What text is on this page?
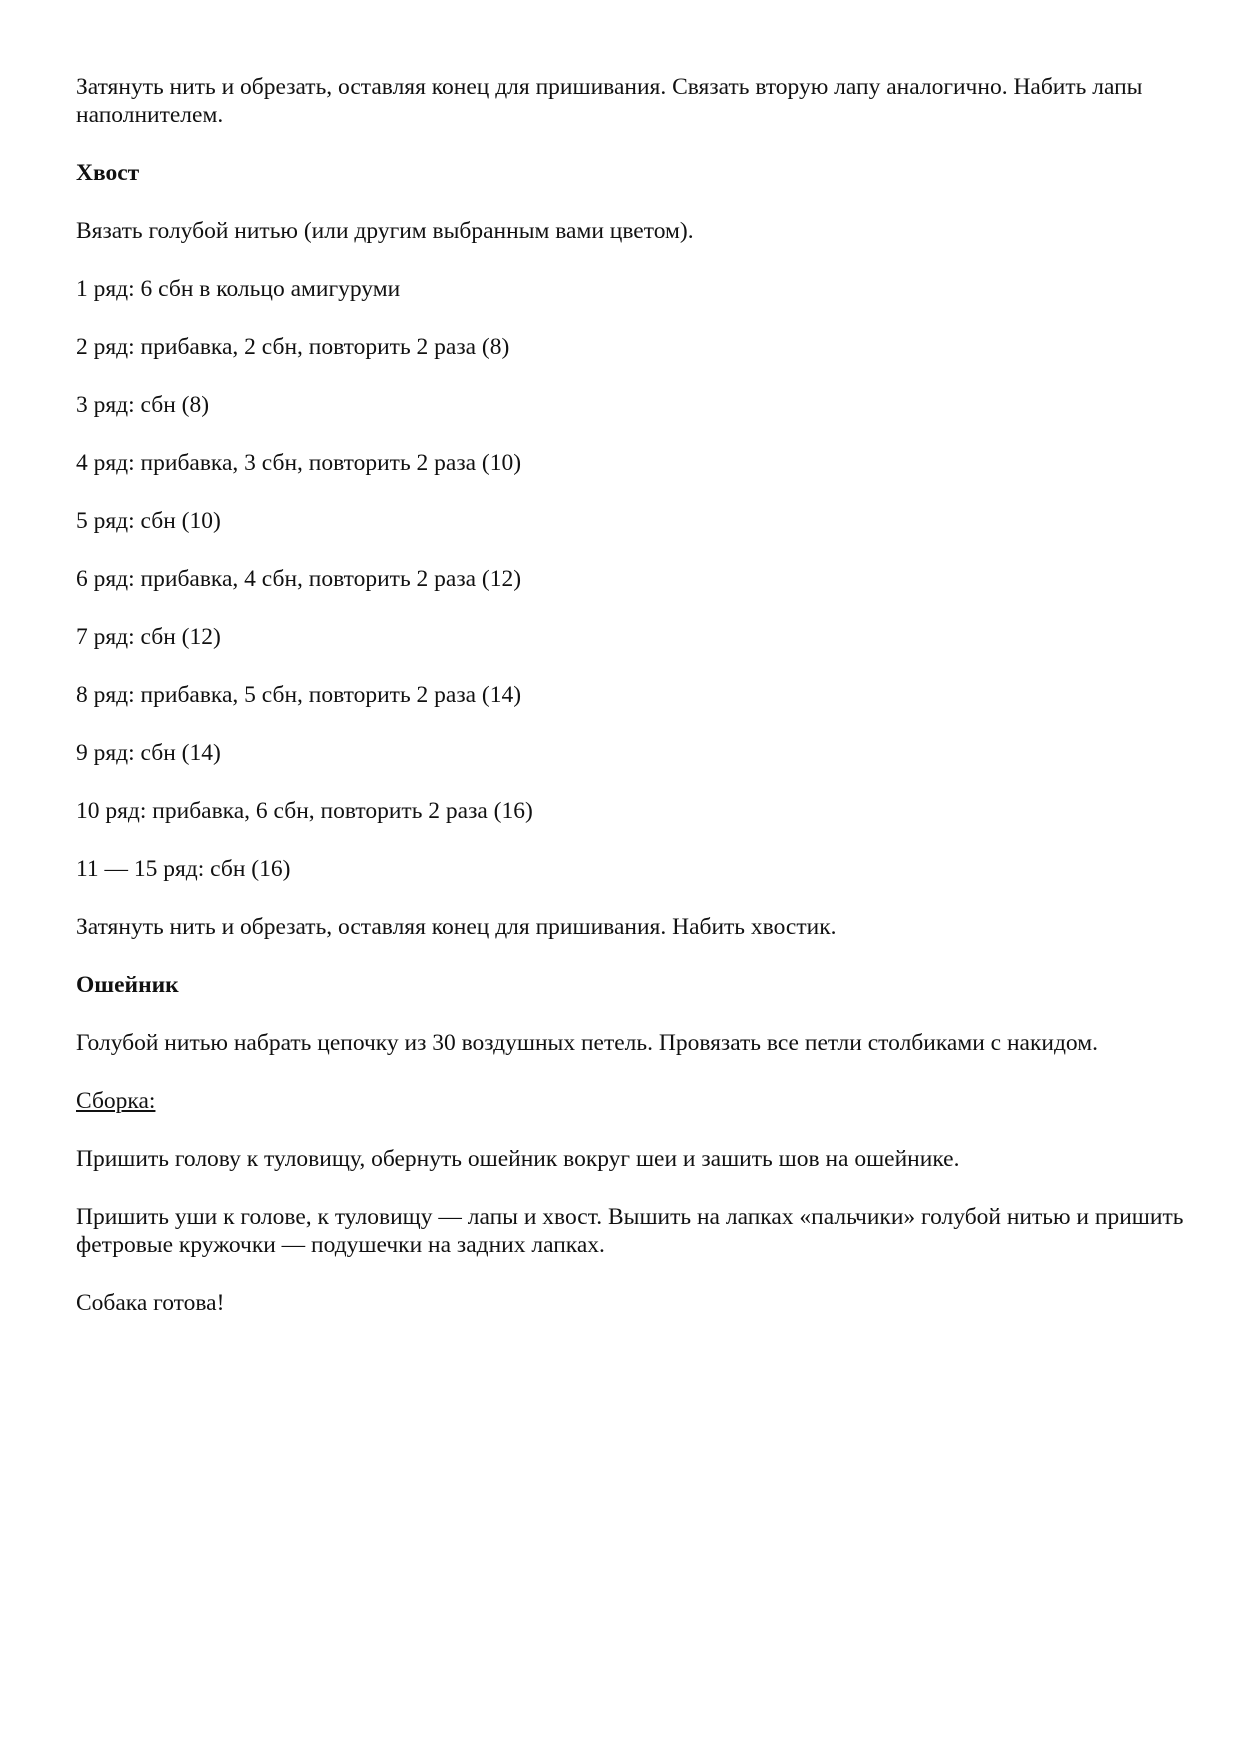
Затянуть нить и обрезать, оставляя конец для пришивания. Связать вторую лапу аналогично. Набить лапы наполнителем.

Хвост

Вязать голубой нитью (или другим выбранным вами цветом).

1 ряд: 6 сбн в кольцо амигуруми

2 ряд: прибавка, 2 сбн, повторить 2 раза (8)

3 ряд: сбн (8)

4 ряд: прибавка, 3 сбн, повторить 2 раза (10)

5 ряд: сбн (10)

6 ряд: прибавка, 4 сбн, повторить 2 раза (12)

7 ряд: сбн (12)

8 ряд: прибавка, 5 сбн, повторить 2 раза (14)

9 ряд: сбн (14)

10 ряд: прибавка, 6 сбн, повторить 2 раза (16)

11 — 15 ряд: сбн (16)

Затянуть нить и обрезать, оставляя конец для пришивания. Набить хвостик.

Ошейник

Голубой нитью набрать цепочку из 30 воздушных петель. Провязать все петли столбиками с накидом.

Сборка:

Пришить голову к туловищу, обернуть ошейник вокруг шеи и зашить шов на ошейнике.

Пришить уши к голове, к туловищу — лапы и хвост. Вышить на лапках «пальчики» голубой нитью и пришить фетровые кружочки — подушечки на задних лапках.

Собака готова!
